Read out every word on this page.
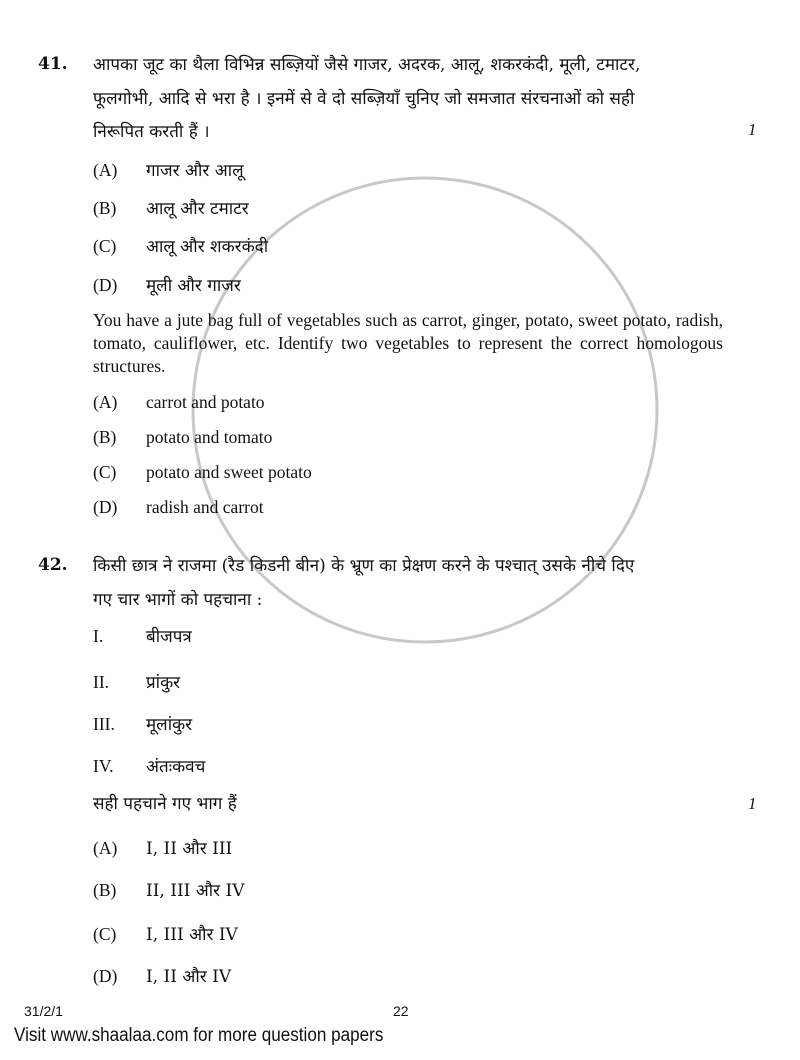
41. आपका जूट का थैला विभिन्न सब्ज़ियों जैसे गाजर, अदरक, आलू, शकरकंदी, मूली, टमाटर,
फूलगोभी, आदि से भरा है । इनमें से वे दो सब्ज़ियाँ चुनिए जो समजात संरचनाओं को सही
निरूपित करती हैं ।	1
(A) गाजर और आलू
(B) आलू और टमाटर
(C) आलू और शकरकंदी
(D) मूली और गाजर
You have a jute bag full of vegetables such as carrot, ginger, potato, sweet potato, radish, tomato, cauliflower, etc. Identify two vegetables to represent the correct homologous structures.
(A) carrot and potato
(B) potato and tomato
(C) potato and sweet potato
(D) radish and carrot
42. किसी छात्र ने राजमा (रैड किडनी बीन) के भ्रूण का प्रेक्षण करने के पश्चात् उसके नीचे दिए
गए चार भागों को पहचाना :
I.	बीजपत्र
II. प्रांकुर
III. मूलांकुर
IV. अंतःकवच
सही पहचाने गए भाग हैं	1
(A) I, II और III
(B) II, III और IV
(C) I, III और IV
(D) I, II और IV
31/2/1	22
Visit www.shaalaa.com for more question papers
